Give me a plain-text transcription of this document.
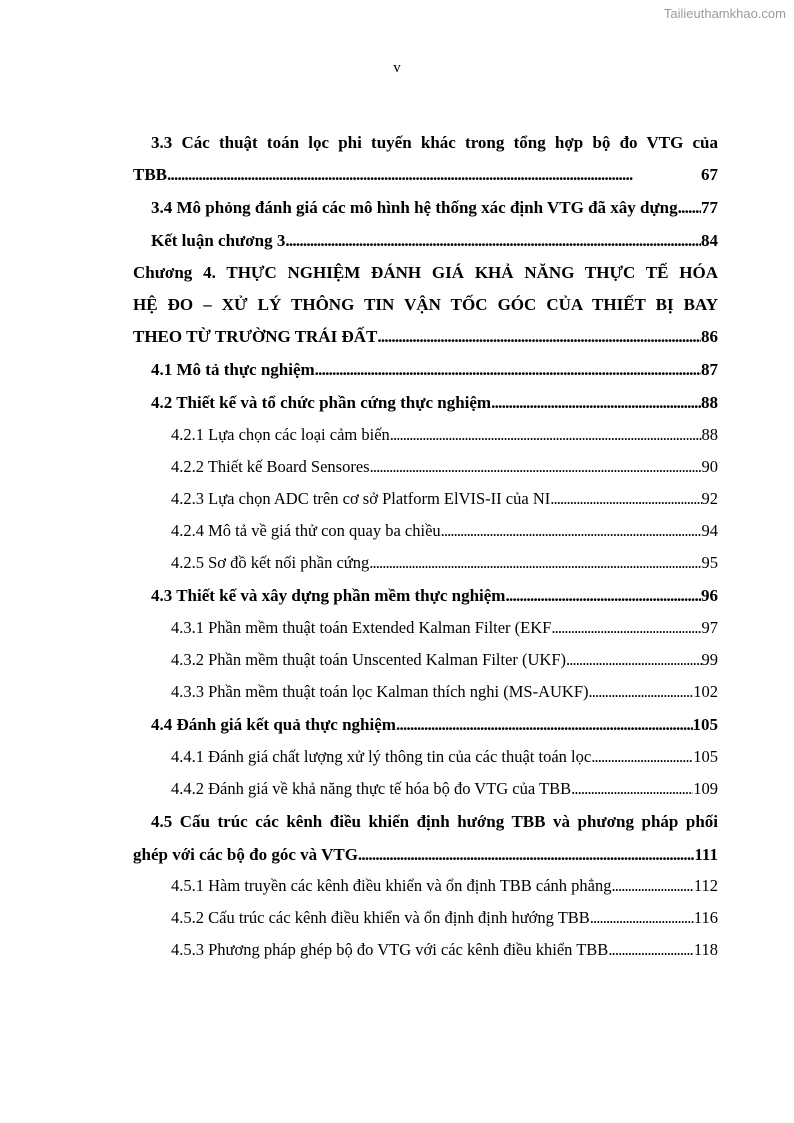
Tailieuthamkhao.com
v
3.3 Các thuật toán lọc phi tuyến khác trong tổng hợp bộ đo VTG của
TBB . . .	67
3.4 Mô phỏng đánh giá các mô hình hệ thống xác định VTG đã xây dựng . . . 77
Kết luận chương 3 . . .	84
Chương 4. THỰC NGHIỆM ĐÁNH GIÁ KHẢ NĂNG THỰC TẾ HÓA
HỆ ĐO – XỬ LÝ THÔNG TIN VẬN TỐC GÓC CỦA THIẾT BỊ BAY
THEO TỪ TRƯỜNG TRÁI ĐẤT . . .	86
4.1 Mô tả thực nghiệm . . .	87
4.2 Thiết kế và tổ chức phần cứng thực nghiệm . . .	88
4.2.1 Lựa chọn các loại cảm biến . . .	88
4.2.2 Thiết kế Board Sensores . . .	90
4.2.3 Lựa chọn ADC trên cơ sở Platform ElVIS-II của NI . . .	92
4.2.4 Mô tả về giá thử con quay ba chiều . . .	94
4.2.5 Sơ đồ kết nối phần cứng . . .	95
4.3 Thiết kế và xây dựng phần mềm thực nghiệm . . .	96
4.3.1 Phần mềm thuật toán Extended Kalman Filter (EKF . . .	97
4.3.2 Phần mềm thuật toán Unscented Kalman Filter (UKF) . . .	99
4.3.3 Phần mềm thuật toán lọc Kalman thích nghi (MS-AUKF) . . .	102
4.4 Đánh giá kết quả thực nghiệm . . .	105
4.4.1 Đánh giá chất lượng xử lý thông tin của các thuật toán lọc . . .	105
4.4.2 Đánh giá về khả năng thực tế hóa bộ đo VTG của TBB . . .	109
4.5 Cấu trúc các kênh điều khiển định hướng TBB và phương pháp phối
ghép với các bộ đo góc và VTG . . .	111
4.5.1 Hàm truyền các kênh điều khiển và ổn định TBB cánh phẳng . . .	112
4.5.2 Cấu trúc các kênh điều khiển và ổn định định hướng TBB . . .	116
4.5.3 Phương pháp ghép bộ đo VTG với các kênh điều khiển TBB . . .	118
